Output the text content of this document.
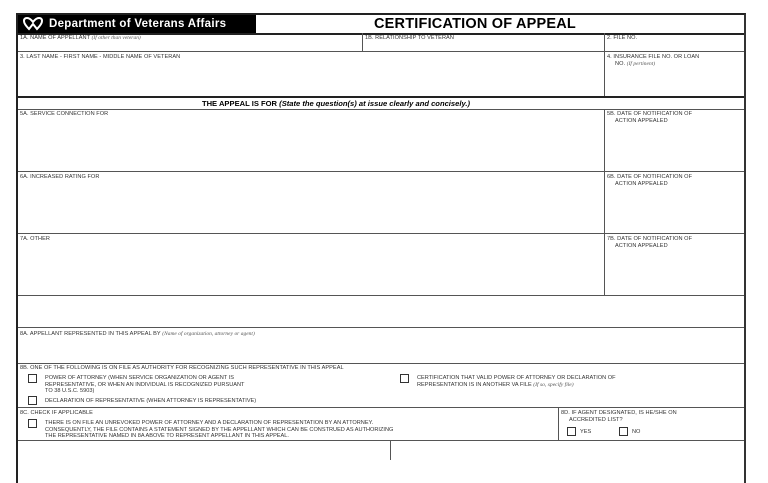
Department of Veterans Affairs	CERTIFICATION OF APPEAL
1A. NAME OF APPELLANT (If other than veteran)	1B. RELATIONSHIP TO VETERAN	2. FILE NO.
3. LAST NAME - FIRST NAME - MIDDLE NAME OF VETERAN	4. INSURANCE FILE NO. OR LOAN
NO. (If pertinent)
THE APPEAL IS FOR (State the question(s) at issue clearly and concisely.)
5A. SERVICE CONNECTION FOR	5B. DATE OF NOTIFICATION OF
ACTION APPEALED
6A. INCREASED RATING FOR	6B. DATE OF NOTIFICATION OF
ACTION APPEALED
7A. OTHER	7B. DATE OF NOTIFICATION OF
ACTION APPEALED
8A. APPELLANT REPRESENTED IN THIS APPEAL BY (Name of organization, attorney or agent)
8B. ONE OF THE FOLLOWING IS ON FILE AS AUTHORITY FOR RECOGNIZING SUCH REPRESENTATIVE IN THIS APPEAL
POWER OF ATTORNEY (WHEN SERVICE ORGANIZATION OR AGENT IS
REPRESENTATIVE, OR WHEN AN INDIVIDUAL IS RECOGNIZED PURSUANT
TO 38 U.S.C. 5903)
DECLARATION OF REPRESENTATIVE (WHEN ATTORNEY IS REPRESENTATIVE)
CERTIFICATION THAT VALID POWER OF ATTORNEY OR DECLARATION OF
REPRESENTATION IS IN ANOTHER VA FILE (If so, specify file)
8C. CHECK IF APPLICABLE
THERE IS ON FILE AN UNREVOKED POWER OF ATTORNEY AND A DECLARATION OF REPRESENTATION BY AN ATTORNEY.
CONSEQUENTLY, THE FILE CONTAINS A STATEMENT SIGNED BY THE APPELLANT WHICH CAN BE CONSTRUED AS AUTHORIZING
THE REPRESENTATIVE NAMED IN 8A ABOVE TO REPRESENT APPELLANT IN THIS APPEAL.
8D. IF AGENT DESIGNATED, IS HE/SHE ON
ACCREDITED LIST?
YES	NO
